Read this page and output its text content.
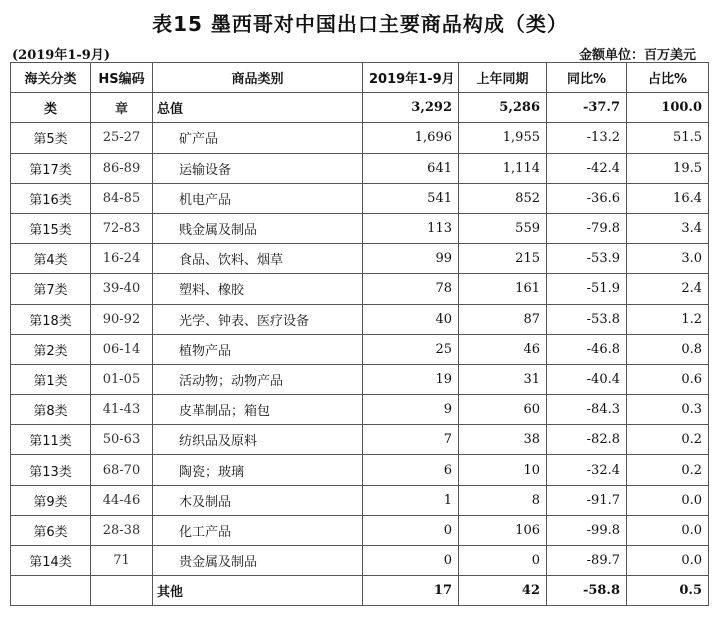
表15 墨西哥对中国出口主要商品构成（类）
(2019年1-9月)	金额单位：百万美元
海关分类	HS编码	商品类别	2019年1-9月	上年同期	同比%	占比%
类	章	总值	3,292	5,286	-37.7	100.0
第5类	25-27	矿产品	1,696	1,955	-13.2	51.5
第17类	86-89	运输设备	641	1,114	-42.4	19.5
第16类	84-85	机电产品	541	852	-36.6	16.4
第15类	72-83	贱金属及制品	113	559	-79.8	3.4
第4类	16-24	食品、饮料、烟草	99	215	-53.9	3.0
第7类	39-40	塑料、橡胶	78	161	-51.9	2.4
第18类	90-92	光学、钟表、医疗设备	40	87	-53.8	1.2
第2类	06-14	植物产品	25	46	-46.8	0.8
第1类	01-05	活动物；动物产品	19	31	-40.4	0.6
第8类	41-43	皮革制品；箱包	9	60	-84.3	0.3
第11类	50-63	纺织品及原料	7	38	-82.8	0.2
第13类	68-70	陶瓷；玻璃	6	10	-32.4	0.2
第9类	44-46	木及制品	1	8	-91.7	0.0
第6类	28-38	化工产品	0	106	-99.8	0.0
第14类	71	贵金属及制品	0	0	-89.7	0.0
		其他	17	42	-58.8	0.5
